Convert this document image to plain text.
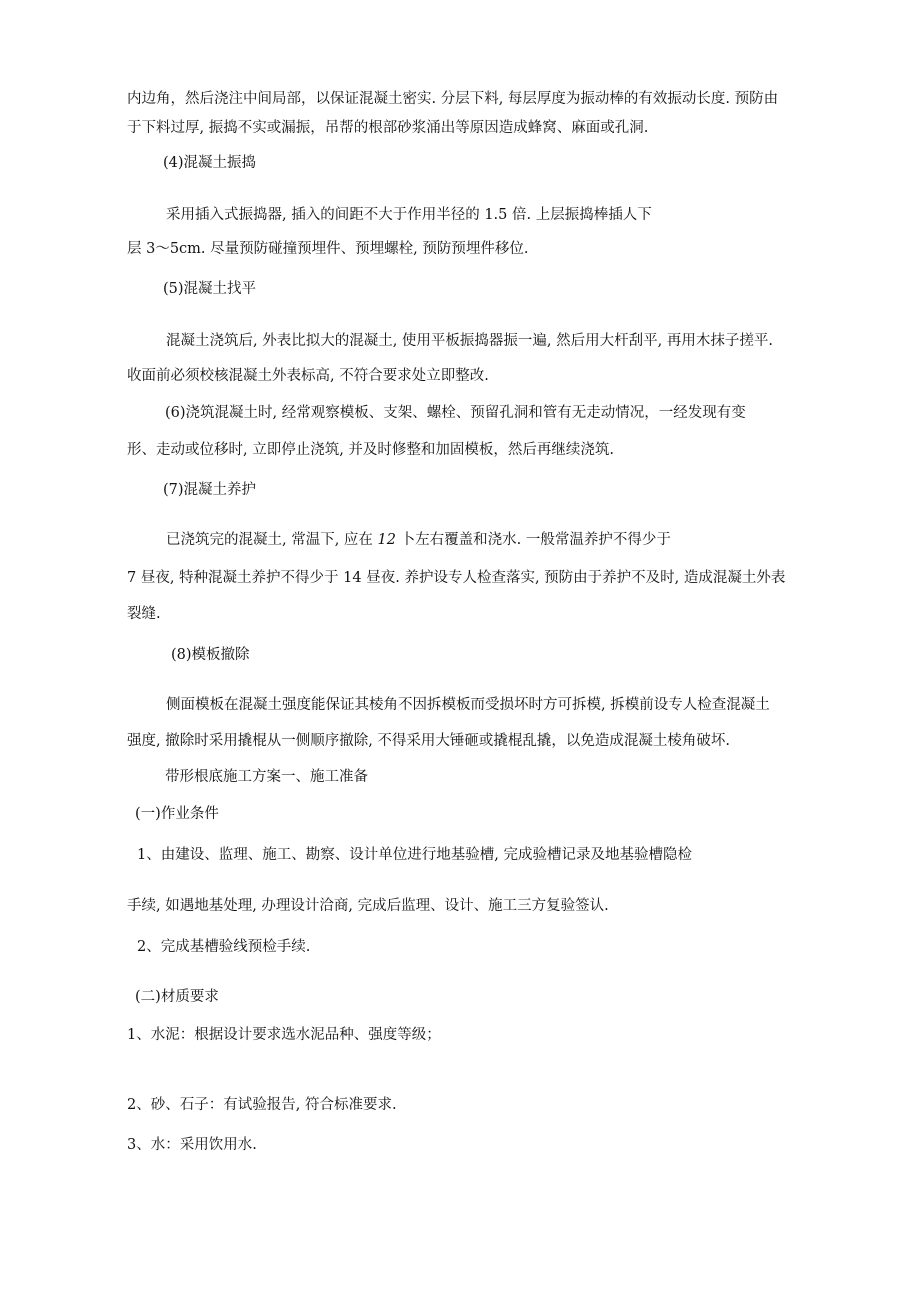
内边角，然后浇注中间局部，以保证混凝土密实. 分层下料, 每层厚度为振动棒的有效振动长度. 预防由
于下料过厚, 振捣不实或漏振，吊帮的根部砂浆涌出等原因造成蜂窝、麻面或孔洞.
(4)混凝土振捣
采用插入式振捣器, 插入的间距不大于作用半径的 1.5 倍. 上层振捣棒插人下
层 3～5cm. 尽量预防碰撞预埋件、预埋螺栓, 预防预埋件移位.
(5)混凝土找平
混凝土浇筑后, 外表比拟大的混凝土, 使用平板振捣器振一遍, 然后用大杆刮平, 再用木抹子搓平.
收面前必须校核混凝土外表标高, 不符合要求处立即整改.
(6)浇筑混凝土时, 经常观察模板、支架、螺栓、预留孔洞和管有无走动情况，一经发现有变
形、走动或位移时, 立即停止浇筑, 并及时修整和加固模板，然后再继续浇筑.
(7)混凝土养护
已浇筑完的混凝土, 常温下, 应在 12 卜左右覆盖和浇水. 一般常温养护不得少于
7 昼夜, 特种混凝土养护不得少于 14 昼夜. 养护设专人检查落实, 预防由于养护不及时, 造成混凝土外表
裂缝.
(8)模板撤除
侧面模板在混凝土强度能保证其棱角不因拆模板而受损坏时方可拆模, 拆模前设专人检查混凝土
强度, 撤除时采用撬棍从一侧顺序撤除, 不得采用大锤砸或撬棍乱撬，以免造成混凝土棱角破坏.
带形根底施工方案一、施工准备
(一)作业条件
1、由建设、监理、施工、勘察、设计单位进行地基验槽, 完成验槽记录及地基验槽隐检
手续, 如遇地基处理, 办理设计洽商, 完成后监理、设计、施工三方复验签认.
2、完成基槽验线预检手续.
(二)材质要求
1、水泥：根据设计要求选水泥品种、强度等级；
2、砂、石子：有试验报告, 符合标准要求.
3、水：采用饮用水.
